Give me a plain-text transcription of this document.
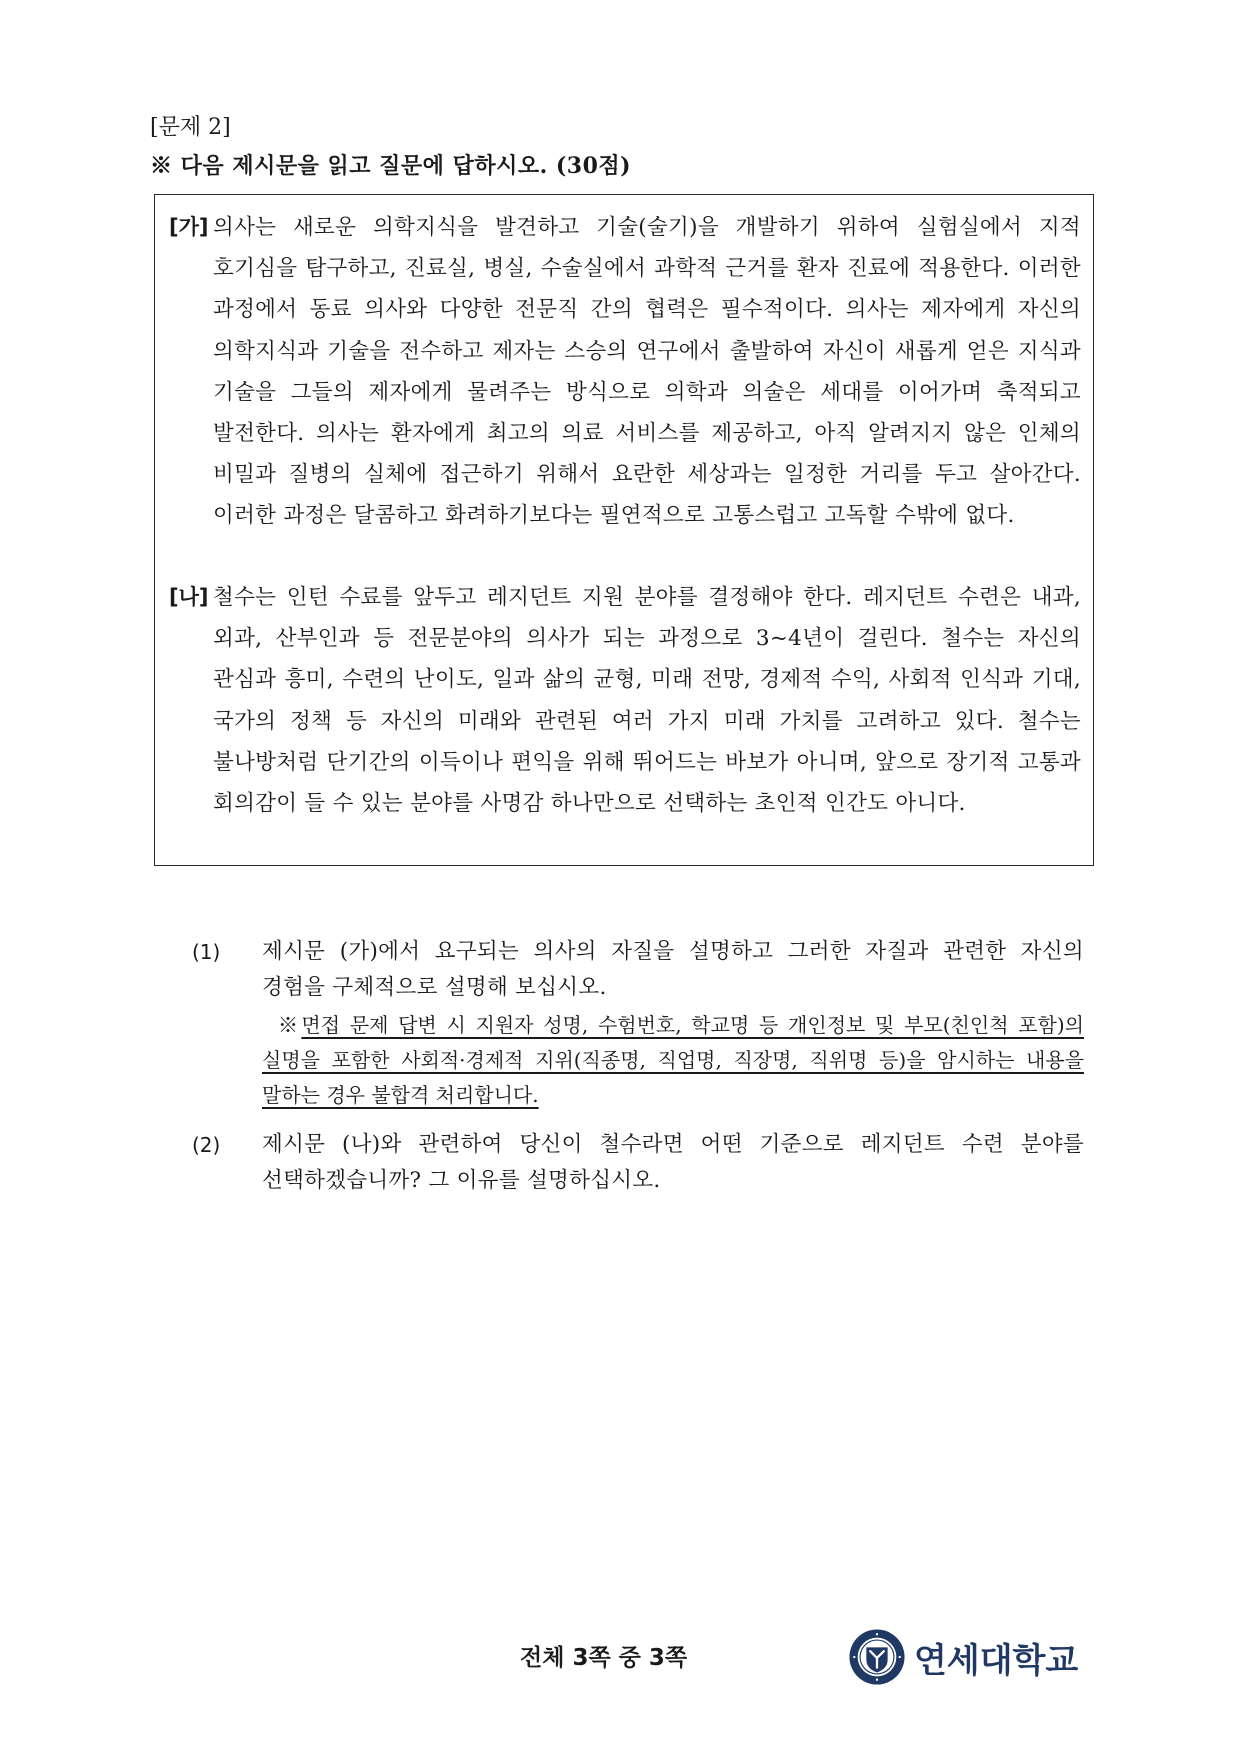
[문제 2]
※ 다음 제시문을 읽고 질문에 답하시오. (30점)
[가] 의사는 새로운 의학지식을 발견하고 기술(술기)을 개발하기 위하여 실험실에서 지적 호기심을 탐구하고, 진료실, 병실, 수술실에서 과학적 근거를 환자 진료에 적용한다. 이러한 과정에서 동료 의사와 다양한 전문직 간의 협력은 필수적이다. 의사는 제자에게 자신의 의학지식과 기술을 전수하고 제자는 스승의 연구에서 출발하여 자신이 새롭게 얻은 지식과 기술을 그들의 제자에게 물려주는 방식으로 의학과 의술은 세대를 이어가며 축적되고 발전한다. 의사는 환자에게 최고의 의료 서비스를 제공하고, 아직 알려지지 않은 인체의 비밀과 질병의 실체에 접근하기 위해서 요란한 세상과는 일정한 거리를 두고 살아간다. 이러한 과정은 달콤하고 화려하기보다는 필연적으로 고통스럽고 고독할 수밖에 없다.

[나] 철수는 인턴 수료를 앞두고 레지던트 지원 분야를 결정해야 한다. 레지던트 수련은 내과, 외과, 산부인과 등 전문분야의 의사가 되는 과정으로 3~4년이 걸린다. 철수는 자신의 관심과 흥미, 수련의 난이도, 일과 삶의 균형, 미래 전망, 경제적 수익, 사회적 인식과 기대, 국가의 정책 등 자신의 미래와 관련된 여러 가지 미래 가치를 고려하고 있다. 철수는 불나방처럼 단기간의 이득이나 편익을 위해 뛰어드는 바보가 아니며, 앞으로 장기적 고통과 회의감이 들 수 있는 분야를 사명감 하나만으로 선택하는 초인적 인간도 아니다.

(1) 제시문 (가)에서 요구되는 의사의 자질을 설명하고 그러한 자질과 관련한 자신의 경험을 구체적으로 설명해 보십시오.

※면접 문제 답변 시 지원자 성명, 수험번호, 학교명 등 개인정보 및 부모(친인척 포함)의 실명을 포함한 사회적·경제적 지위(직종명, 직업명, 직장명, 직위명 등)을 암시하는 내용을 말하는 경우 불합격 처리합니다.

(2) 제시문 (나)와 관련하여 당신이 철수라면 어떤 기준으로 레지던트 수련 분야를 선택하겠습니까? 그 이유를 설명하십시오.

전체 3쪽 중 3쪽	연세대학교
